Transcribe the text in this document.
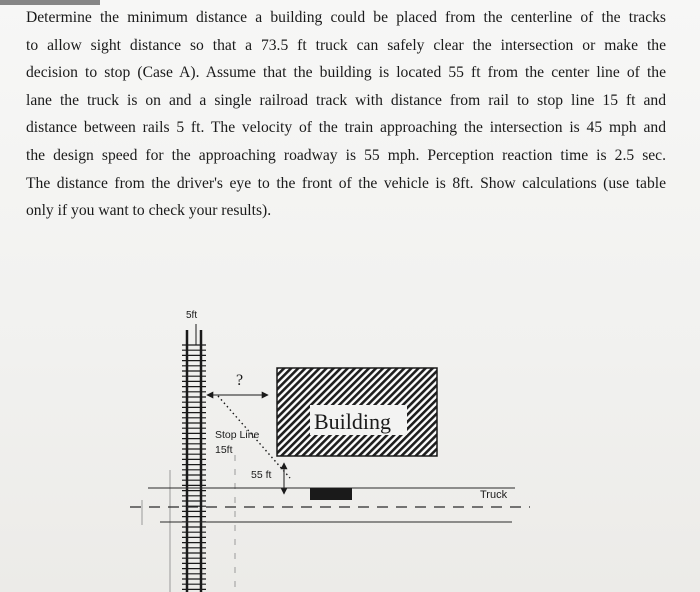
Determine the minimum distance a building could be placed from the centerline of the tracks
to allow sight distance so that a 73.5 ft truck can safely clear the intersection or make the
decision to stop (Case A). Assume that the building is located 55 ft from the center line of the
lane the truck is on and a single railroad track with distance from rail to stop line 15 ft and
distance between rails 5 ft. The velocity of the train approaching the intersection is 45 mph and
the design speed for the approaching roadway is 55 mph. Perception reaction time is 2.5 sec.
The distance from the driver's eye to the front of the vehicle is 8ft. Show calculations (use table
only if you want to check your results).
5ft
?
Stop Line
15ft
Building
55 ft
Truck
